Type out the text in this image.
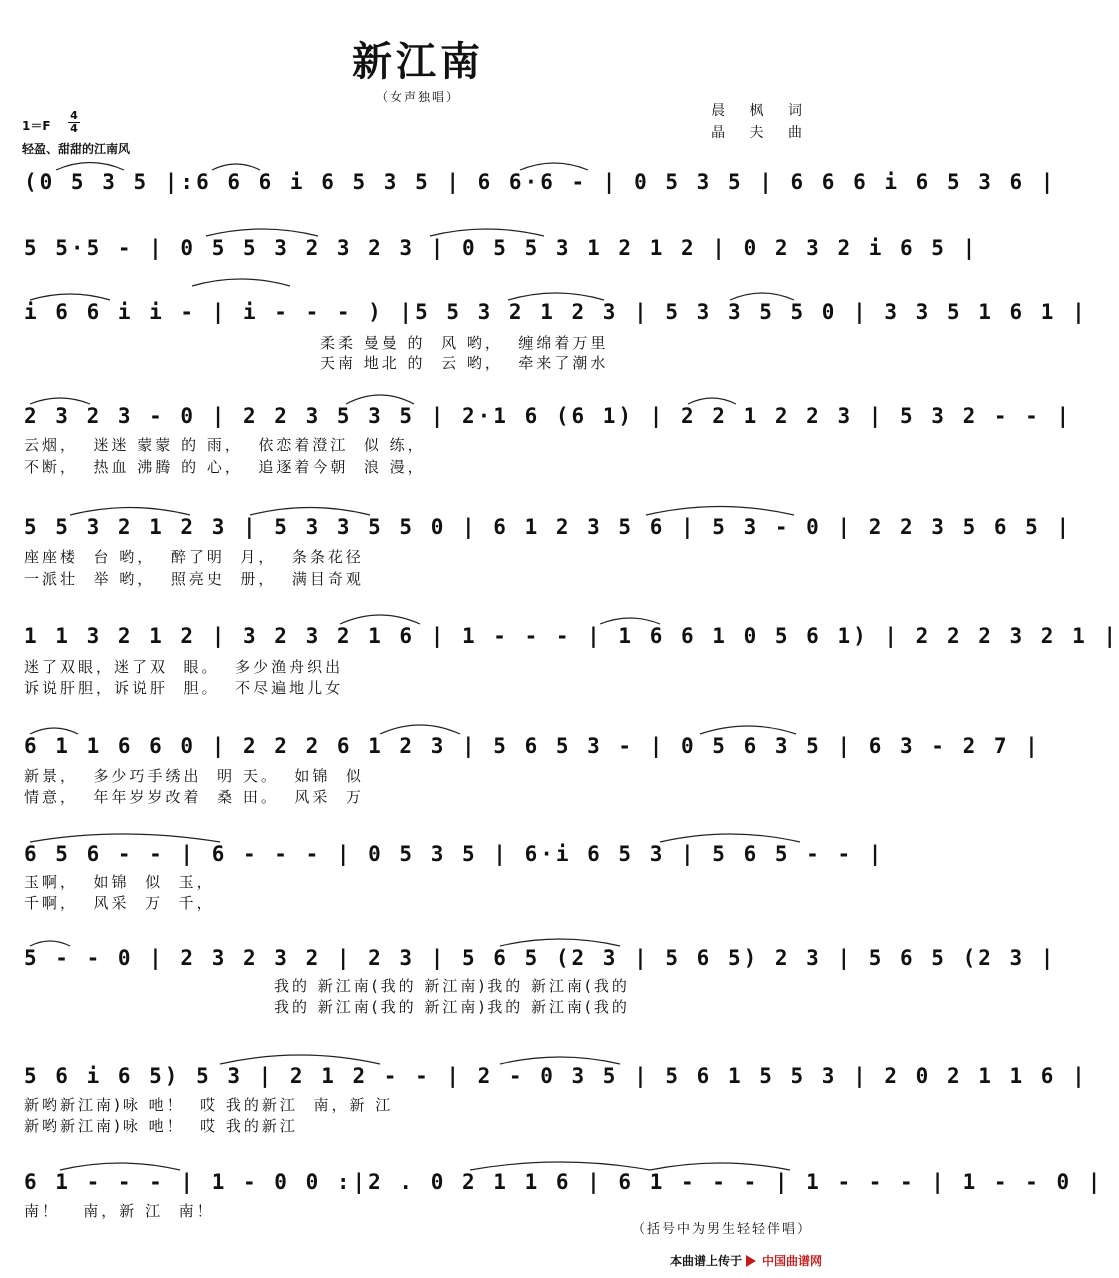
新江南
（女声独唱）
1＝F
4
4
轻盈、甜甜的江南风
晨 枫 词
晶 夫 曲
(0 5 3 5 |:6 6 6 i 6 5 3 5 | 6 6·6 - | 0 5 3 5 | 6 6 6 i 6 5 3 6 |
5 5·5 - | 0 5 5 3 2 3 2 3 | 0 5 5 3 1 2 1 2 | 0 2 3 2 i 6 5 |
i 6 6 i i - | i - - - ) |5 5 3 2 1 2 3 | 5 3 3 5 5 0 | 3 3 5 1 6 1 |
柔柔 曼曼 的  风 哟，  缠绵着万里
天南 地北 的  云 哟，  牵来了潮水
2 3 2 3 - 0 | 2 2 3 5 3 5 | 2·1 6 (6 1) | 2 2 1 2 2 3 | 5 3 2 - - |
云烟，  迷迷 蒙蒙 的 雨，  依恋着澄江  似 练，
不断，  热血 沸腾 的 心，  追逐着今朝  浪 漫，
5 5 3 2 1 2 3 | 5 3 3 5 5 0 | 6 1 2 3 5 6 | 5 3 - 0 | 2 2 3 5 6 5 |
座座楼  台 哟，  醉了明  月，  条条花径
一派壮  举 哟，  照亮史  册，  满目奇观
1 1 3 2 1 2 | 3 2 3 2 1 6 | 1 - - - | 1 6 6 1 0 5 6 1) | 2 2 2 3 2 1 |
迷了双眼，迷了双  眼。  多少渔舟织出
诉说肝胆，诉说肝  胆。  不尽遍地儿女
6 1 1 6 6 0 | 2 2 2 6 1 2 3 | 5 6 5 3 - | 0 5 6 3 5 | 6 3 - 2 7 |
新景，  多少巧手绣出  明 天。  如锦  似
情意，  年年岁岁改着  桑 田。  风采  万
6 5 6 - - | 6 - - - | 0 5 3 5 | 6·i 6 5 3 | 5 6 5 - - |
玉啊，  如锦  似  玉，
千啊，  风采  万  千，
5 - - 0 | 2 3 2 3 2 | 2 3 | 5 6 5 (2 3 | 5 6 5) 2 3 | 5 6 5 (2 3 |
我的 新江南(我的 新江南)我的 新江南(我的
我的 新江南(我的 新江南)我的 新江南(我的
5 6 i 6 5) 5 3 | 2 1 2 - - | 2 - 0 3 5 | 5 6 1 5 5 3 | 2 0 2 1 1 6 |
新哟新江南)咏 吔！  哎 我的新江  南，新 江
新哟新江南)咏 吔！  哎 我的新江
6 1 - - - | 1 - 0 0 :|2 . 0 2 1 1 6 | 6 1 - - - | 1 - - - | 1 - - 0 |
南！   南，新 江  南！
（括号中为男生轻轻伴唱）
本曲谱上传于 中国曲谱网
